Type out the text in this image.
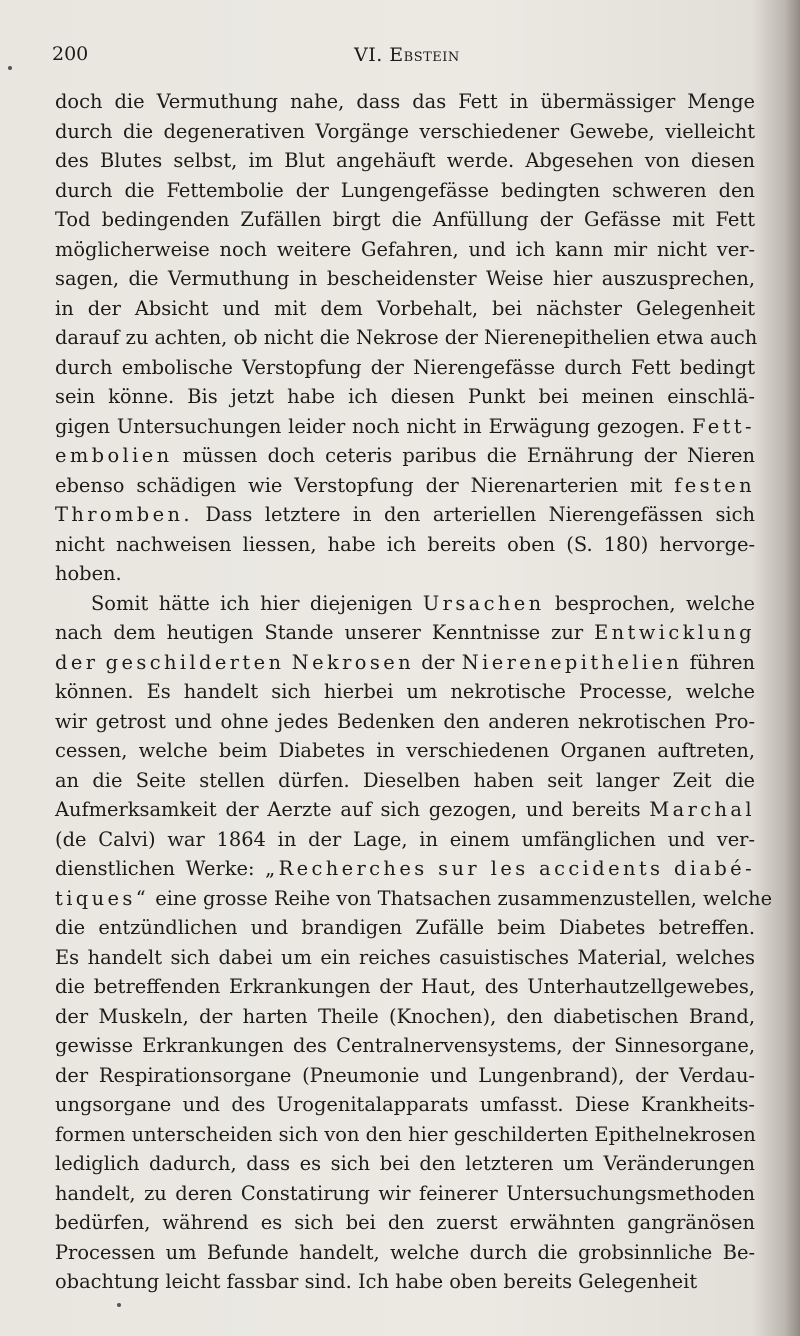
200	VI. Ebstein
doch die Vermuthung nahe, dass das Fett in übermässiger Menge
durch die degenerativen Vorgänge verschiedener Gewebe, vielleicht
des Blutes selbst, im Blut angehäuft werde. Abgesehen von diesen
durch die Fettembolie der Lungengefässe bedingten schweren den
Tod bedingenden Zufällen birgt die Anfüllung der Gefässe mit Fett
möglicherweise noch weitere Gefahren, und ich kann mir nicht ver-
sagen, die Vermuthung in bescheidenster Weise hier auszusprechen,
in der Absicht und mit dem Vorbehalt, bei nächster Gelegenheit
darauf zu achten, ob nicht die Nekrose der Nierenepithelien etwa auch
durch embolische Verstopfung der Nierengefässe durch Fett bedingt
sein könne. Bis jetzt habe ich diesen Punkt bei meinen einschlä-
gigen Untersuchungen leider noch nicht in Erwägung gezogen. Fett-
embolien müssen doch ceteris paribus die Ernährung der Nieren
ebenso schädigen wie Verstopfung der Nierenarterien mit festen
Thromben. Dass letztere in den arteriellen Nierengefässen sich
nicht nachweisen liessen, habe ich bereits oben (S. 180) hervorge-
hoben.
Somit hätte ich hier diejenigen Ursachen besprochen, welche
nach dem heutigen Stande unserer Kenntnisse zur Entwicklung
der geschilderten Nekrosen der Nierenepithelien führen
können. Es handelt sich hierbei um nekrotische Processe, welche
wir getrost und ohne jedes Bedenken den anderen nekrotischen Pro-
cessen, welche beim Diabetes in verschiedenen Organen auftreten,
an die Seite stellen dürfen. Dieselben haben seit langer Zeit die
Aufmerksamkeit der Aerzte auf sich gezogen, und bereits Marchal
(de Calvi) war 1864 in der Lage, in einem umfänglichen und ver-
dienstlichen Werke: „Recherches sur les accidents diabé-
tiques“ eine grosse Reihe von Thatsachen zusammenzustellen, welche
die entzündlichen und brandigen Zufälle beim Diabetes betreffen.
Es handelt sich dabei um ein reiches casuistisches Material, welches
die betreffenden Erkrankungen der Haut, des Unterhautzellgewebes,
der Muskeln, der harten Theile (Knochen), den diabetischen Brand,
gewisse Erkrankungen des Centralnervensystems, der Sinnesorgane,
der Respirationsorgane (Pneumonie und Lungenbrand), der Verdau-
ungsorgane und des Urogenitalapparats umfasst. Diese Krankheits-
formen unterscheiden sich von den hier geschilderten Epithelnekrosen
lediglich dadurch, dass es sich bei den letzteren um Veränderungen
handelt, zu deren Constatirung wir feinerer Untersuchungsmethoden
bedürfen, während es sich bei den zuerst erwähnten gangränösen
Processen um Befunde handelt, welche durch die grobsinnliche Be-
obachtung leicht fassbar sind. Ich habe oben bereits Gelegenheit
